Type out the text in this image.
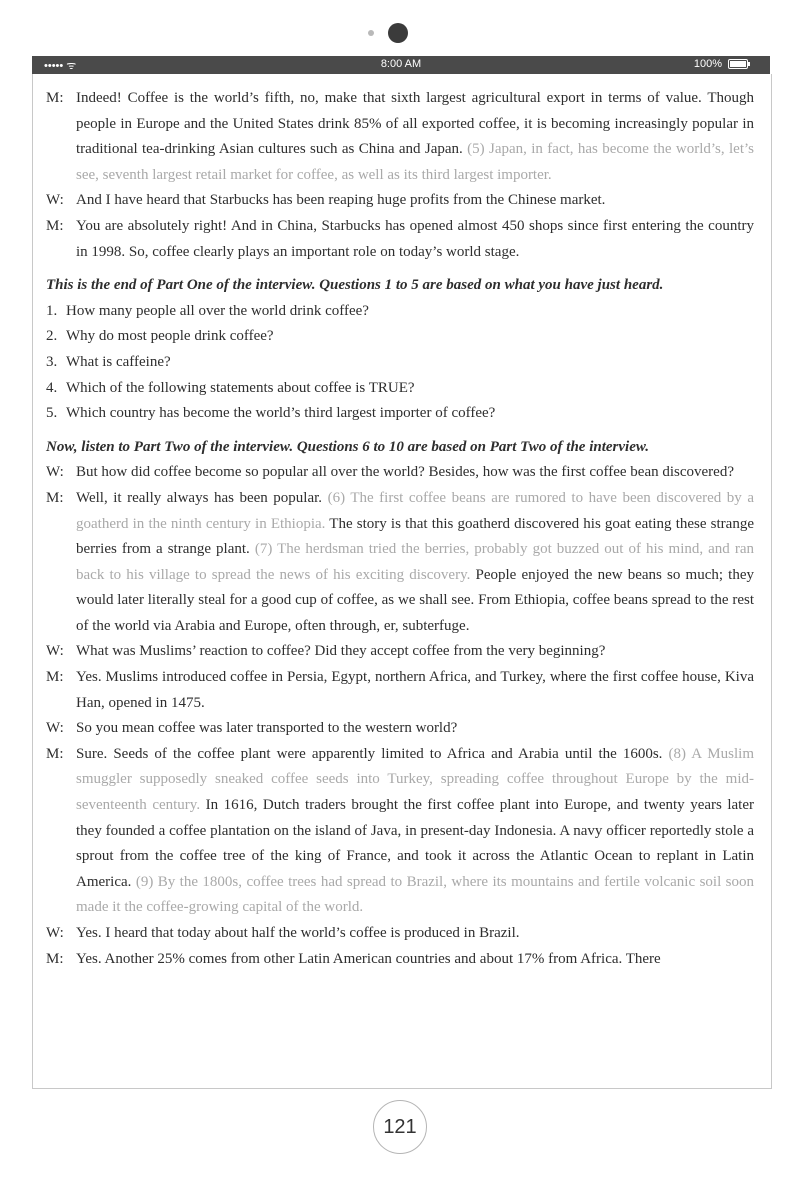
••••• ᯤ	8:00 AM	100%

M: Indeed! Coffee is the world’s fifth, no, make that sixth largest agricultural export in terms of value. Though people in Europe and the United States drink 85% of all exported coffee, it is becoming increasingly popular in traditional tea-drinking Asian cultures such as China and Japan. (5) Japan, in fact, has become the world’s, let’s see, seventh largest retail market for coffee, as well as its third largest importer.

W: And I have heard that Starbucks has been reaping huge profits from the Chinese market.

M: You are absolutely right! And in China, Starbucks has opened almost 450 shops since first entering the country in 1998. So, coffee clearly plays an important role on today’s world stage.

This is the end of Part One of the interview. Questions 1 to 5 are based on what you have just heard.

1. How many people all over the world drink coffee?

2. Why do most people drink coffee?

3. What is caffeine?

4. Which of the following statements about coffee is TRUE?

5. Which country has become the world’s third largest importer of coffee?

Now, listen to Part Two of the interview. Questions 6 to 10 are based on Part Two of the interview.

W: But how did coffee become so popular all over the world? Besides, how was the first coffee bean discovered?

M: Well, it really always has been popular. (6) The first coffee beans are rumored to have been discovered by a goatherd in the ninth century in Ethiopia. The story is that this goatherd discovered his goat eating these strange berries from a strange plant. (7) The herdsman tried the berries, probably got buzzed out of his mind, and ran back to his village to spread the news of his exciting discovery. People enjoyed the new beans so much; they would later literally steal for a good cup of coffee, as we shall see. From Ethiopia, coffee beans spread to the rest of the world via Arabia and Europe, often through, er, subterfuge.

W: What was Muslims’ reaction to coffee? Did they accept coffee from the very beginning?

M: Yes. Muslims introduced coffee in Persia, Egypt, northern Africa, and Turkey, where the first coffee house, Kiva Han, opened in 1475.

W: So you mean coffee was later transported to the western world?

M: Sure. Seeds of the coffee plant were apparently limited to Africa and Arabia until the 1600s. (8) A Muslim smuggler supposedly sneaked coffee seeds into Turkey, spreading coffee throughout Europe by the mid-seventeenth century. In 1616, Dutch traders brought the first coffee plant into Europe, and twenty years later they founded a coffee plantation on the island of Java, in present-day Indonesia. A navy officer reportedly stole a sprout from the coffee tree of the king of France, and took it across the Atlantic Ocean to replant in Latin America. (9) By the 1800s, coffee trees had spread to Brazil, where its mountains and fertile volcanic soil soon made it the coffee-growing capital of the world.

W: Yes. I heard that today about half the world’s coffee is produced in Brazil.

M: Yes. Another 25% comes from other Latin American countries and about 17% from Africa. There

121
